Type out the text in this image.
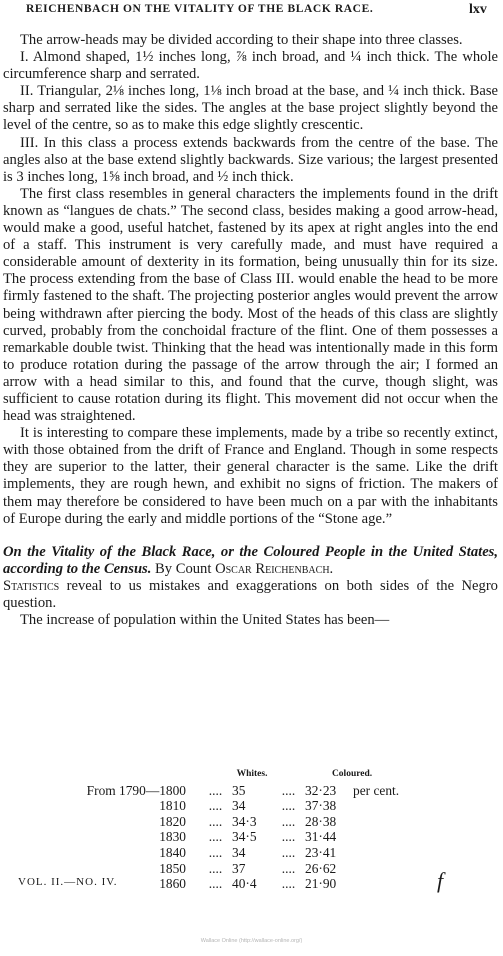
REICHENBACH ON THE VITALITY OF THE BLACK RACE.	lxv

The arrow-heads may be divided according to their shape into three classes.

I. Almond shaped, 1½ inches long, ⅞ inch broad, and ¼ inch thick. The whole circumference sharp and serrated.

II. Triangular, 2⅛ inches long, 1⅛ inch broad at the base, and ¼ inch thick. Base sharp and serrated like the sides. The angles at the base project slightly beyond the level of the centre, so as to make this edge slightly crescentic.

III. In this class a process extends backwards from the centre of the base. The angles also at the base extend slightly backwards. Size various; the largest presented is 3 inches long, 1⅝ inch broad, and ½ inch thick.

The first class resembles in general characters the implements found in the drift known as “langues de chats.” The second class, besides making a good arrow-head, would make a good, useful hatchet, fastened by its apex at right angles into the end of a staff. This instrument is very carefully made, and must have required a considerable amount of dexterity in its formation, being unusually thin for its size. The process extending from the base of Class III. would enable the head to be more firmly fastened to the shaft. The projecting posterior angles would prevent the arrow being withdrawn after piercing the body. Most of the heads of this class are slightly curved, probably from the conchoidal fracture of the flint. One of them possesses a remarkable double twist. Thinking that the head was intentionally made in this form to produce rotation during the passage of the arrow through the air; I formed an arrow with a head similar to this, and found that the curve, though slight, was sufficient to cause rotation during its flight. This movement did not occur when the head was straightened.

It is interesting to compare these implements, made by a tribe so recently extinct, with those obtained from the drift of France and England. Though in some respects they are superior to the latter, their general character is the same. Like the drift implements, they are rough hewn, and exhibit no signs of friction. The makers of them may therefore be considered to have been much on a par with the inhabitants of Europe during the early and middle portions of the “Stone age.”

On the Vitality of the Black Race, or the Coloured People in the United States, according to the Census. By Count Oscar Reichenbach.

Statistics reveal to us mistakes and exaggerations on both sides of the Negro question.

The increase of population within the United States has been—

		Whites.		Coloured.	
From 1790—1800	....	35	....	32·23	per cent.
1810	....	34	....	37·38	
1820	....	34·3	....	28·38	
1830	....	34·5	....	31·44	
1840	....	34	....	23·41	
1850	....	37	....	26·62	
1860	....	40·4	....	21·90	
VOL. II.—NO. IV.	f
Wallace Online (http://wallace-online.org/)
